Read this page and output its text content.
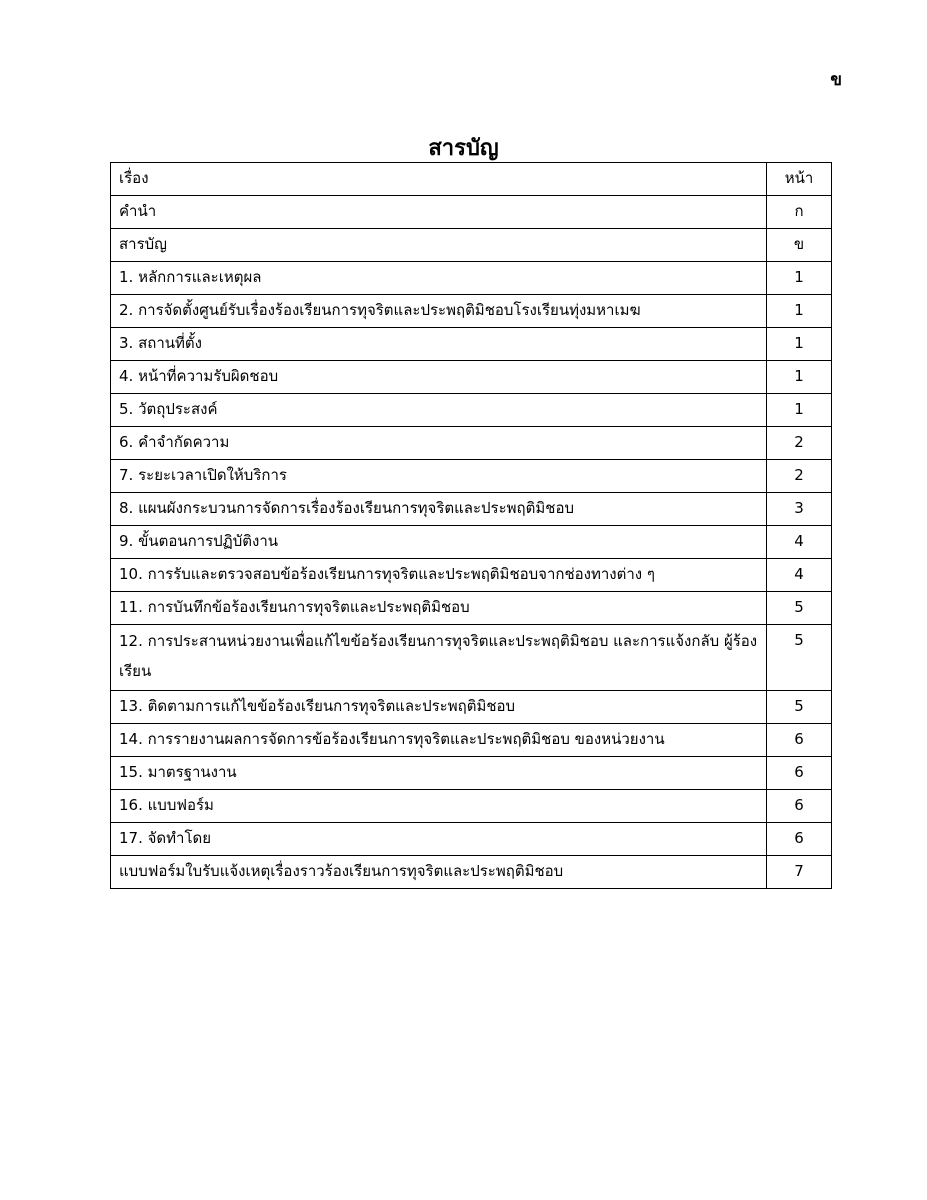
ข
สารบัญ
เรื่อง	หน้า
คำนำ	ก
สารบัญ	ข
1. หลักการและเหตุผล	1
2. การจัดตั้งศูนย์รับเรื่องร้องเรียนการทุจริตและประพฤติมิชอบโรงเรียนทุ่งมหาเมฆ	1
3. สถานที่ตั้ง	1
4. หน้าที่ความรับผิดชอบ	1
5. วัตถุประสงค์	1
6. คำจำกัดความ	2
7. ระยะเวลาเปิดให้บริการ	2
8. แผนผังกระบวนการจัดการเรื่องร้องเรียนการทุจริตและประพฤติมิชอบ	3
9. ขั้นตอนการปฏิบัติงาน	4
10. การรับและตรวจสอบข้อร้องเรียนการทุจริตและประพฤติมิชอบจากช่องทางต่าง ๆ	4
11. การบันทึกข้อร้องเรียนการทุจริตและประพฤติมิชอบ	5
12. การประสานหน่วยงานเพื่อแก้ไขข้อร้องเรียนการทุจริตและประพฤติมิชอบ และการแจ้งกลับ ผู้ร้องเรียน	5
13. ติดตามการแก้ไขข้อร้องเรียนการทุจริตและประพฤติมิชอบ	5
14. การรายงานผลการจัดการข้อร้องเรียนการทุจริตและประพฤติมิชอบ ของหน่วยงาน	6
15. มาตรฐานงาน	6
16. แบบฟอร์ม	6
17. จัดทำโดย	6
แบบฟอร์มใบรับแจ้งเหตุเรื่องราวร้องเรียนการทุจริตและประพฤติมิชอบ	7
